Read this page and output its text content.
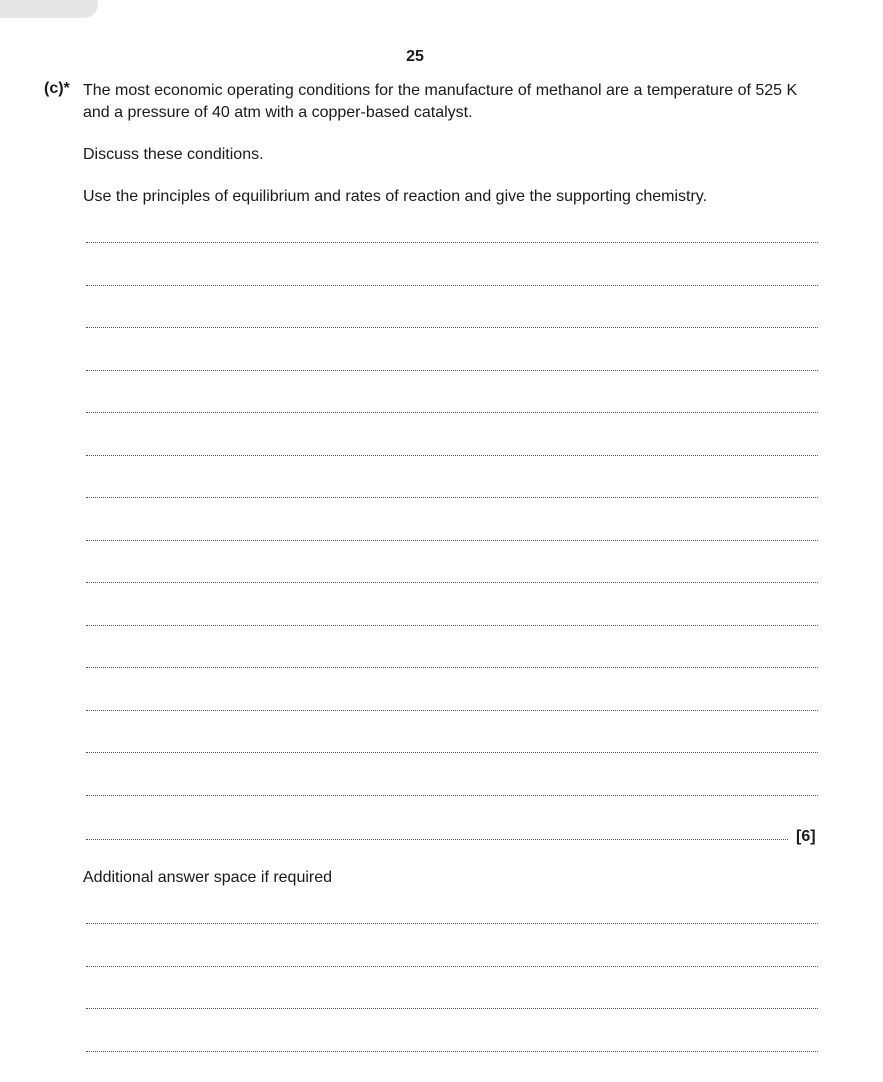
25
(c)* The most economic operating conditions for the manufacture of methanol are a temperature of 525 K and a pressure of 40 atm with a copper-based catalyst.
Discuss these conditions.
Use the principles of equilibrium and rates of reaction and give the supporting chemistry.
[6]
Additional answer space if required
